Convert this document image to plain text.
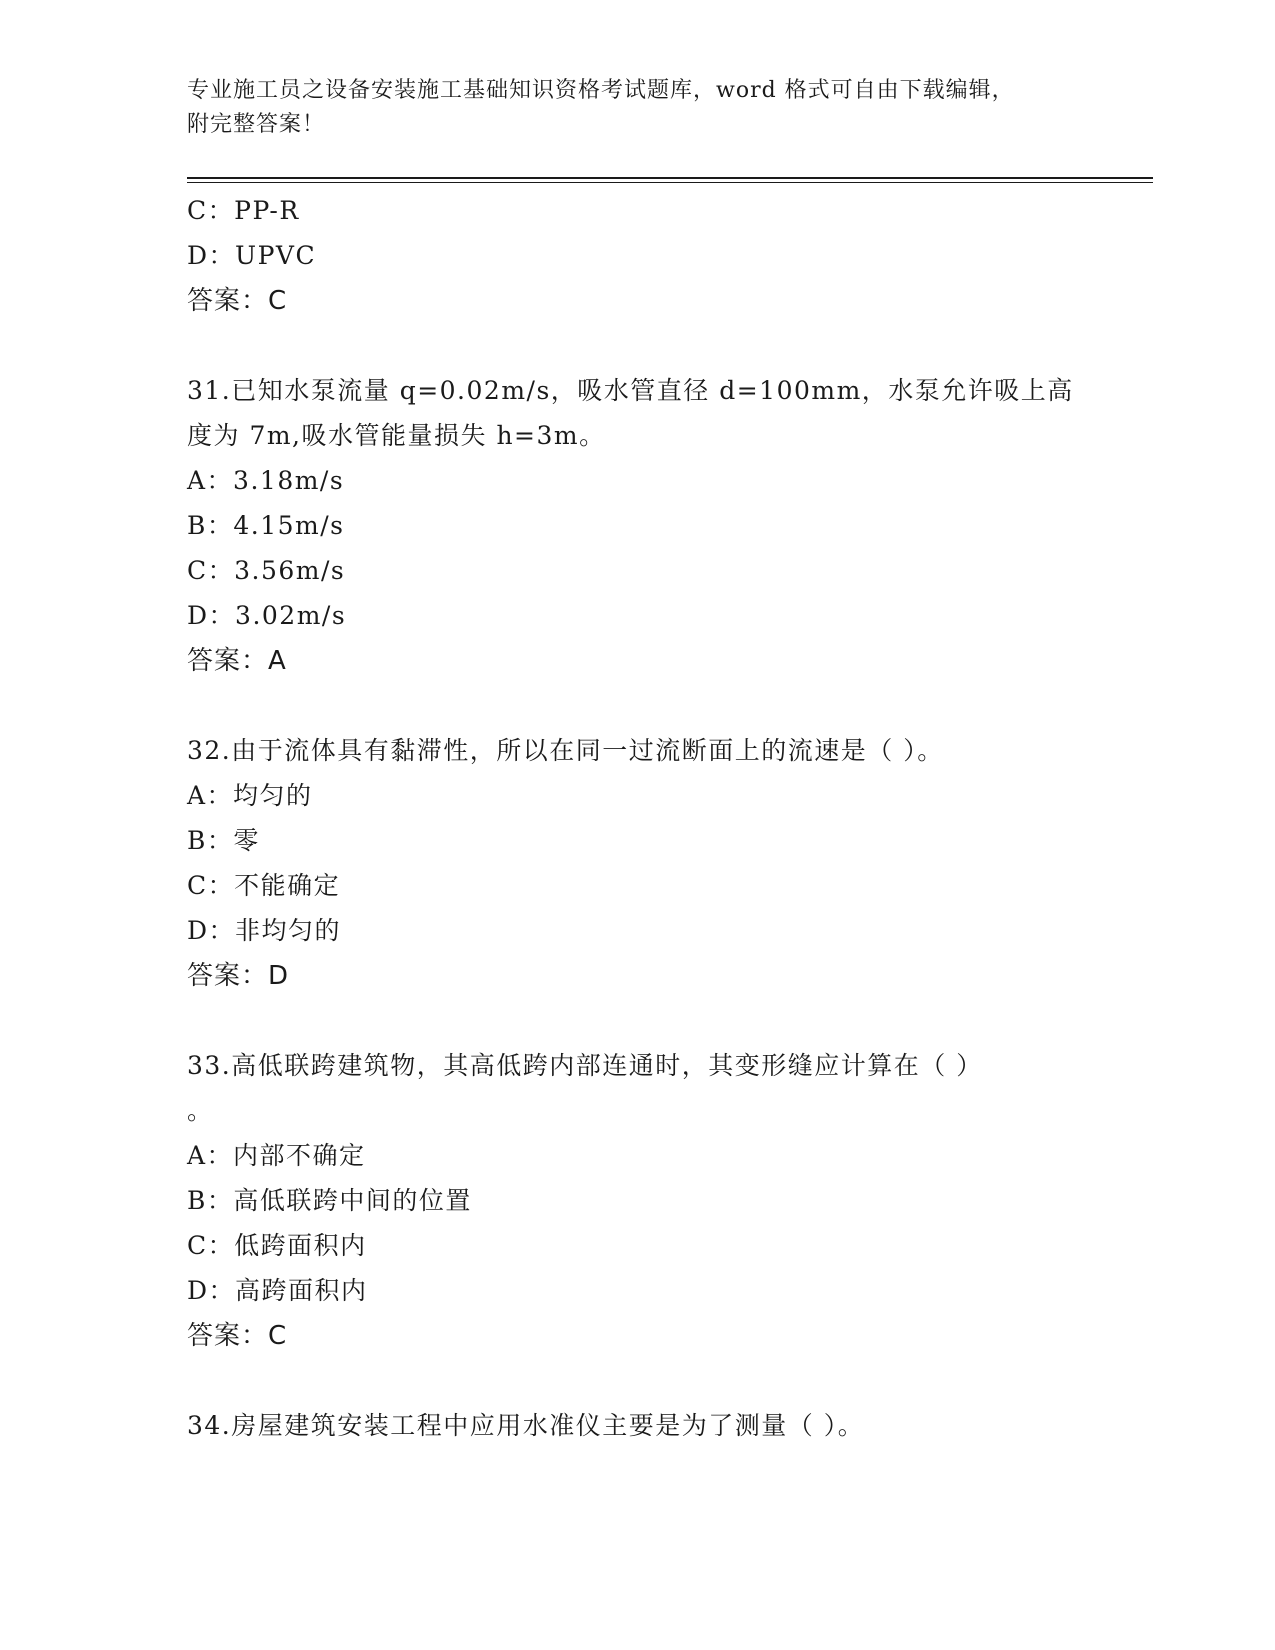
专业施工员之设备安装施工基础知识资格考试题库，word 格式可自由下载编辑，
附完整答案！
C：PP-R
D：UPVC
答案：C
31.已知水泵流量 q=0.02m/s，吸水管直径 d=100mm，水泵允许吸上高
度为 7m,吸水管能量损失 h=3m。
A：3.18m/s
B：4.15m/s
C：3.56m/s
D：3.02m/s
答案：A
32.由于流体具有黏滞性，所以在同一过流断面上的流速是（ ）。
A：均匀的
B：零
C：不能确定
D：非均匀的
答案：D
33.高低联跨建筑物，其高低跨内部连通时，其变形缝应计算在（ ）
。
A：内部不确定
B：高低联跨中间的位置
C：低跨面积内
D：高跨面积内
答案：C
34.房屋建筑安装工程中应用水准仪主要是为了测量（ ）。
